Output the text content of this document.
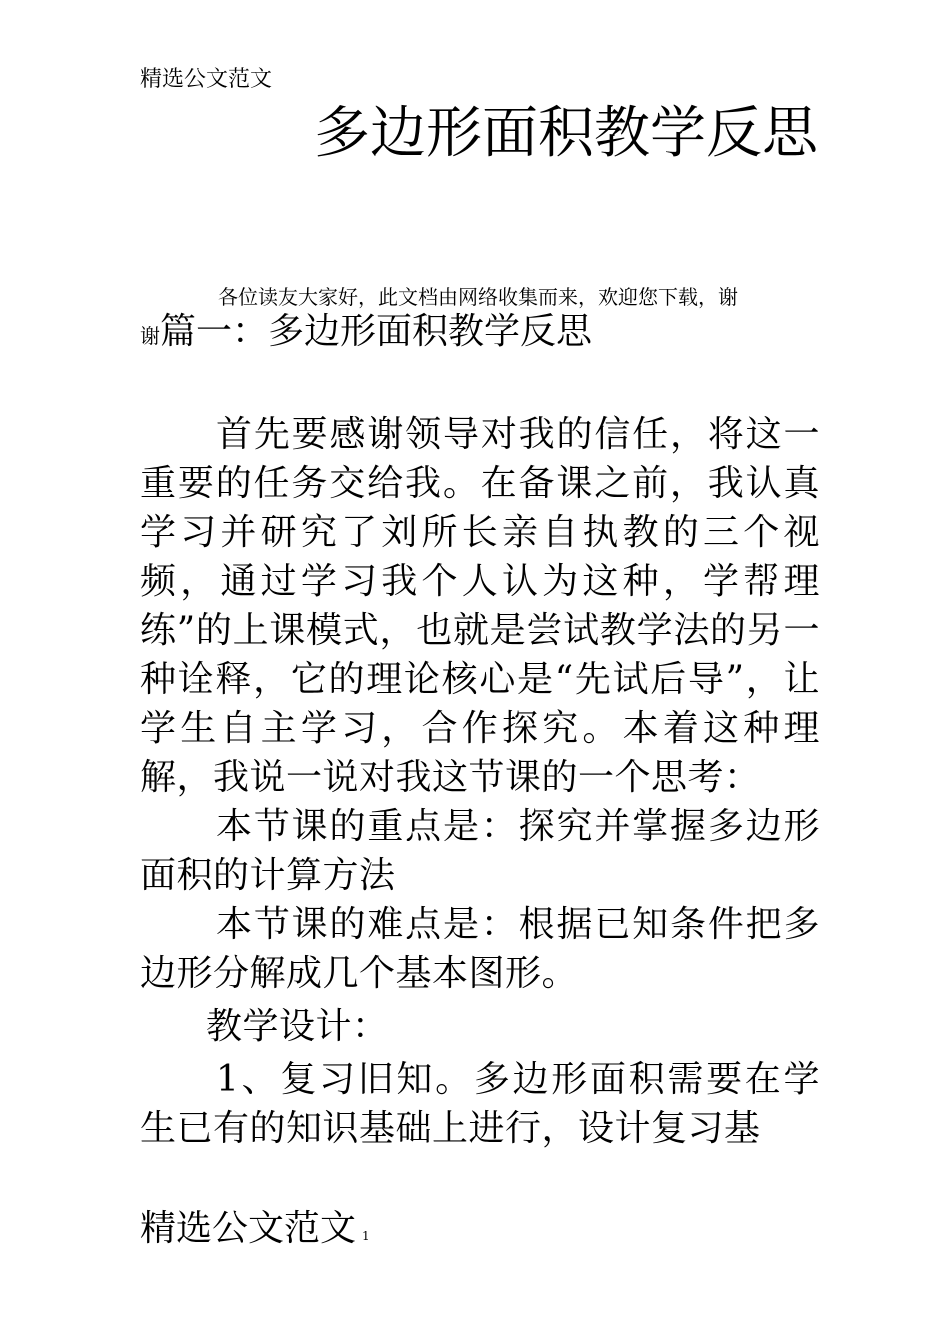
精选公文范文
多边形面积教学反思
各位读友大家好，此文档由网络收集而来，欢迎您下载，谢
谢篇一：多边形面积教学反思

首先要感谢领导对我的信任，将这一重要的任务交给我。在备课之前，我认真学习并研究了刘所长亲自执教的三个视频，通过学习我个人认为这种，学帮理练”的上课模式，也就是尝试教学法的另一种诠释，它的理论核心是“先试后导”，让学生自主学习，合作探究。本着这种理解，我说一说对我这节课的一个思考：

本节课的重点是：探究并掌握多边形面积的计算方法

本节课的难点是：根据已知条件把多边形分解成几个基本图形。

教学设计：

1、复习旧知。多边形面积需要在学生已有的知识基础上进行，设计复习基

精选公文范文 1
